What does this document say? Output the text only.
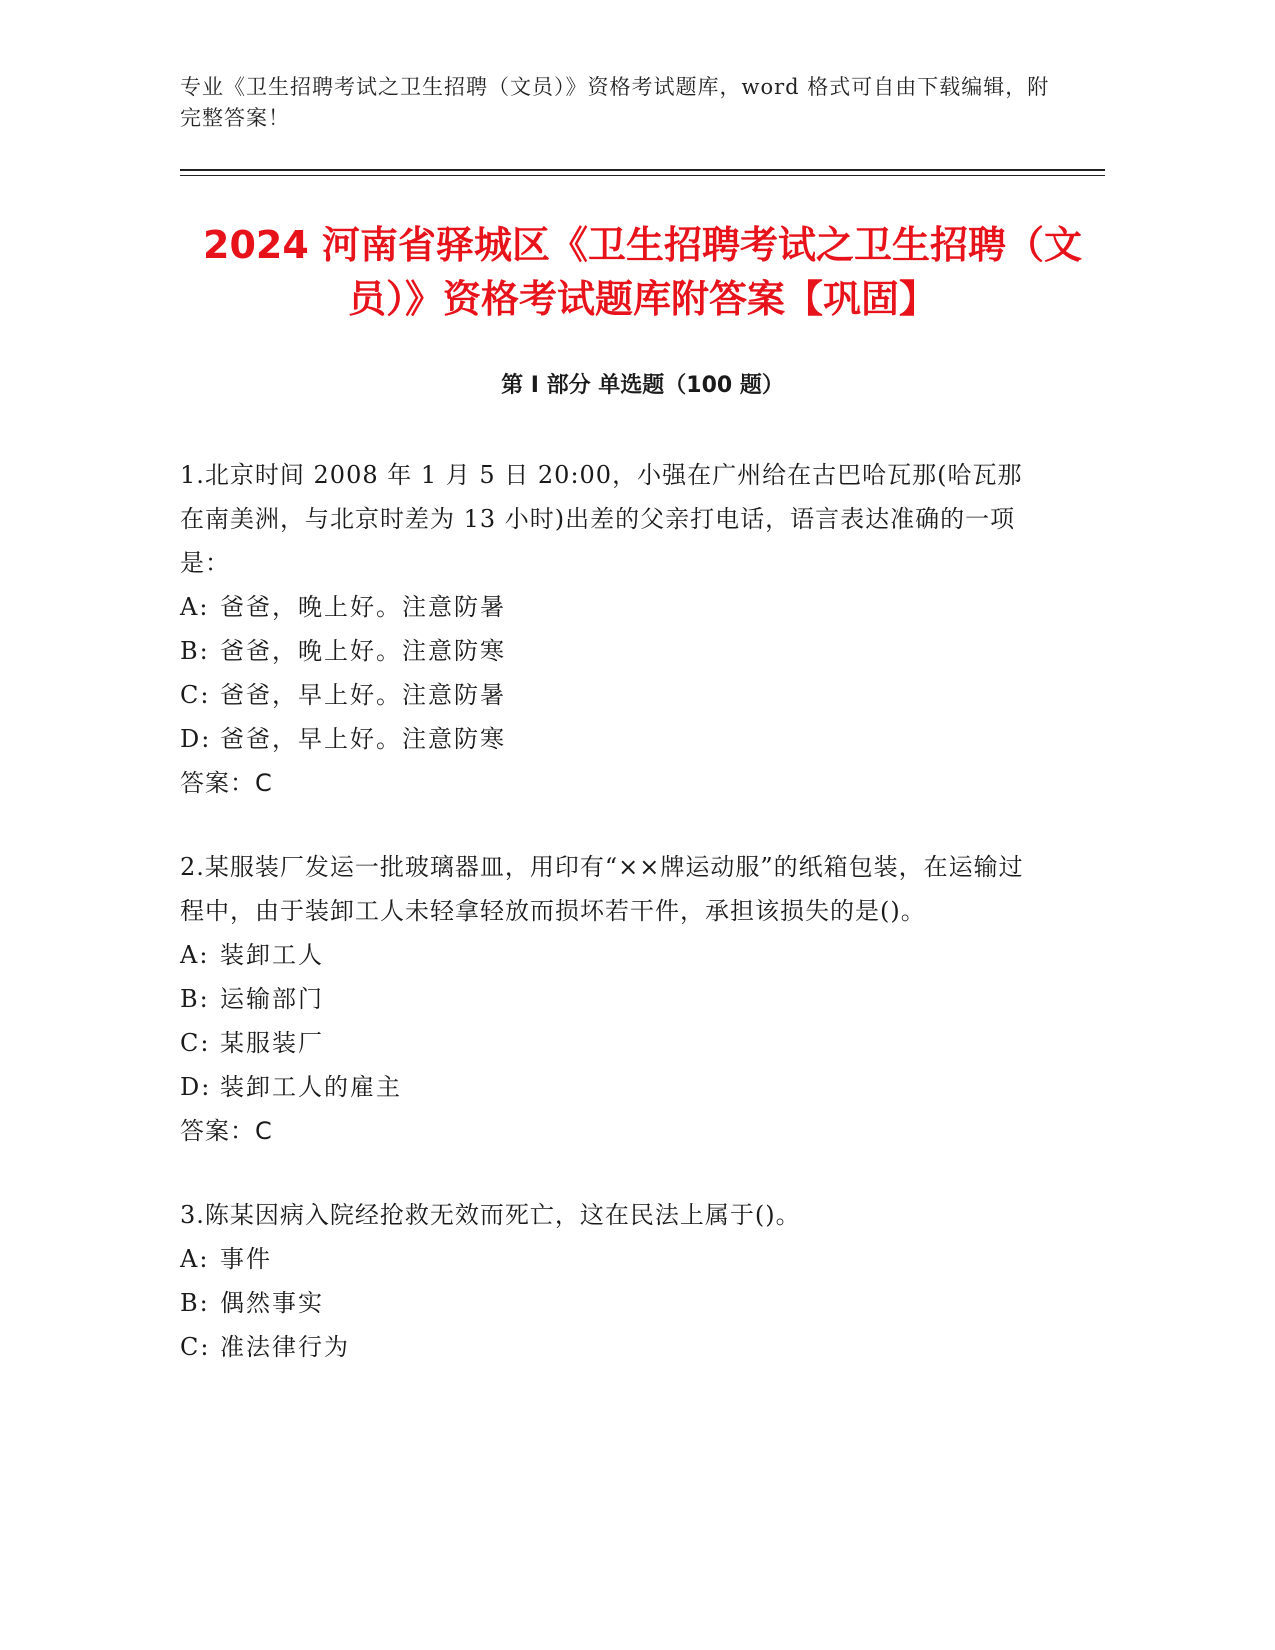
专业《卫生招聘考试之卫生招聘（文员）》资格考试题库，word 格式可自由下载编辑，附完整答案！
2024 河南省驿城区《卫生招聘考试之卫生招聘（文员）》资格考试题库附答案【巩固】
第 I 部分 单选题（100 题）
1.北京时间 2008 年 1 月 5 日 20:00，小强在广州给在古巴哈瓦那(哈瓦那在南美洲，与北京时差为 13 小时)出差的父亲打电话，语言表达准确的一项是：
A: 爸爸，晚上好。注意防暑
B: 爸爸，晚上好。注意防寒
C: 爸爸，早上好。注意防暑
D: 爸爸，早上好。注意防寒
答案：C
2.某服装厂发运一批玻璃器皿，用印有“××牌运动服”的纸箱包装，在运输过程中，由于装卸工人未轻拿轻放而损坏若干件，承担该损失的是()。
A: 装卸工人
B: 运输部门
C: 某服装厂
D: 装卸工人的雇主
答案：C
3.陈某因病入院经抢救无效而死亡，这在民法上属于()。
A: 事件
B: 偶然事实
C: 准法律行为
